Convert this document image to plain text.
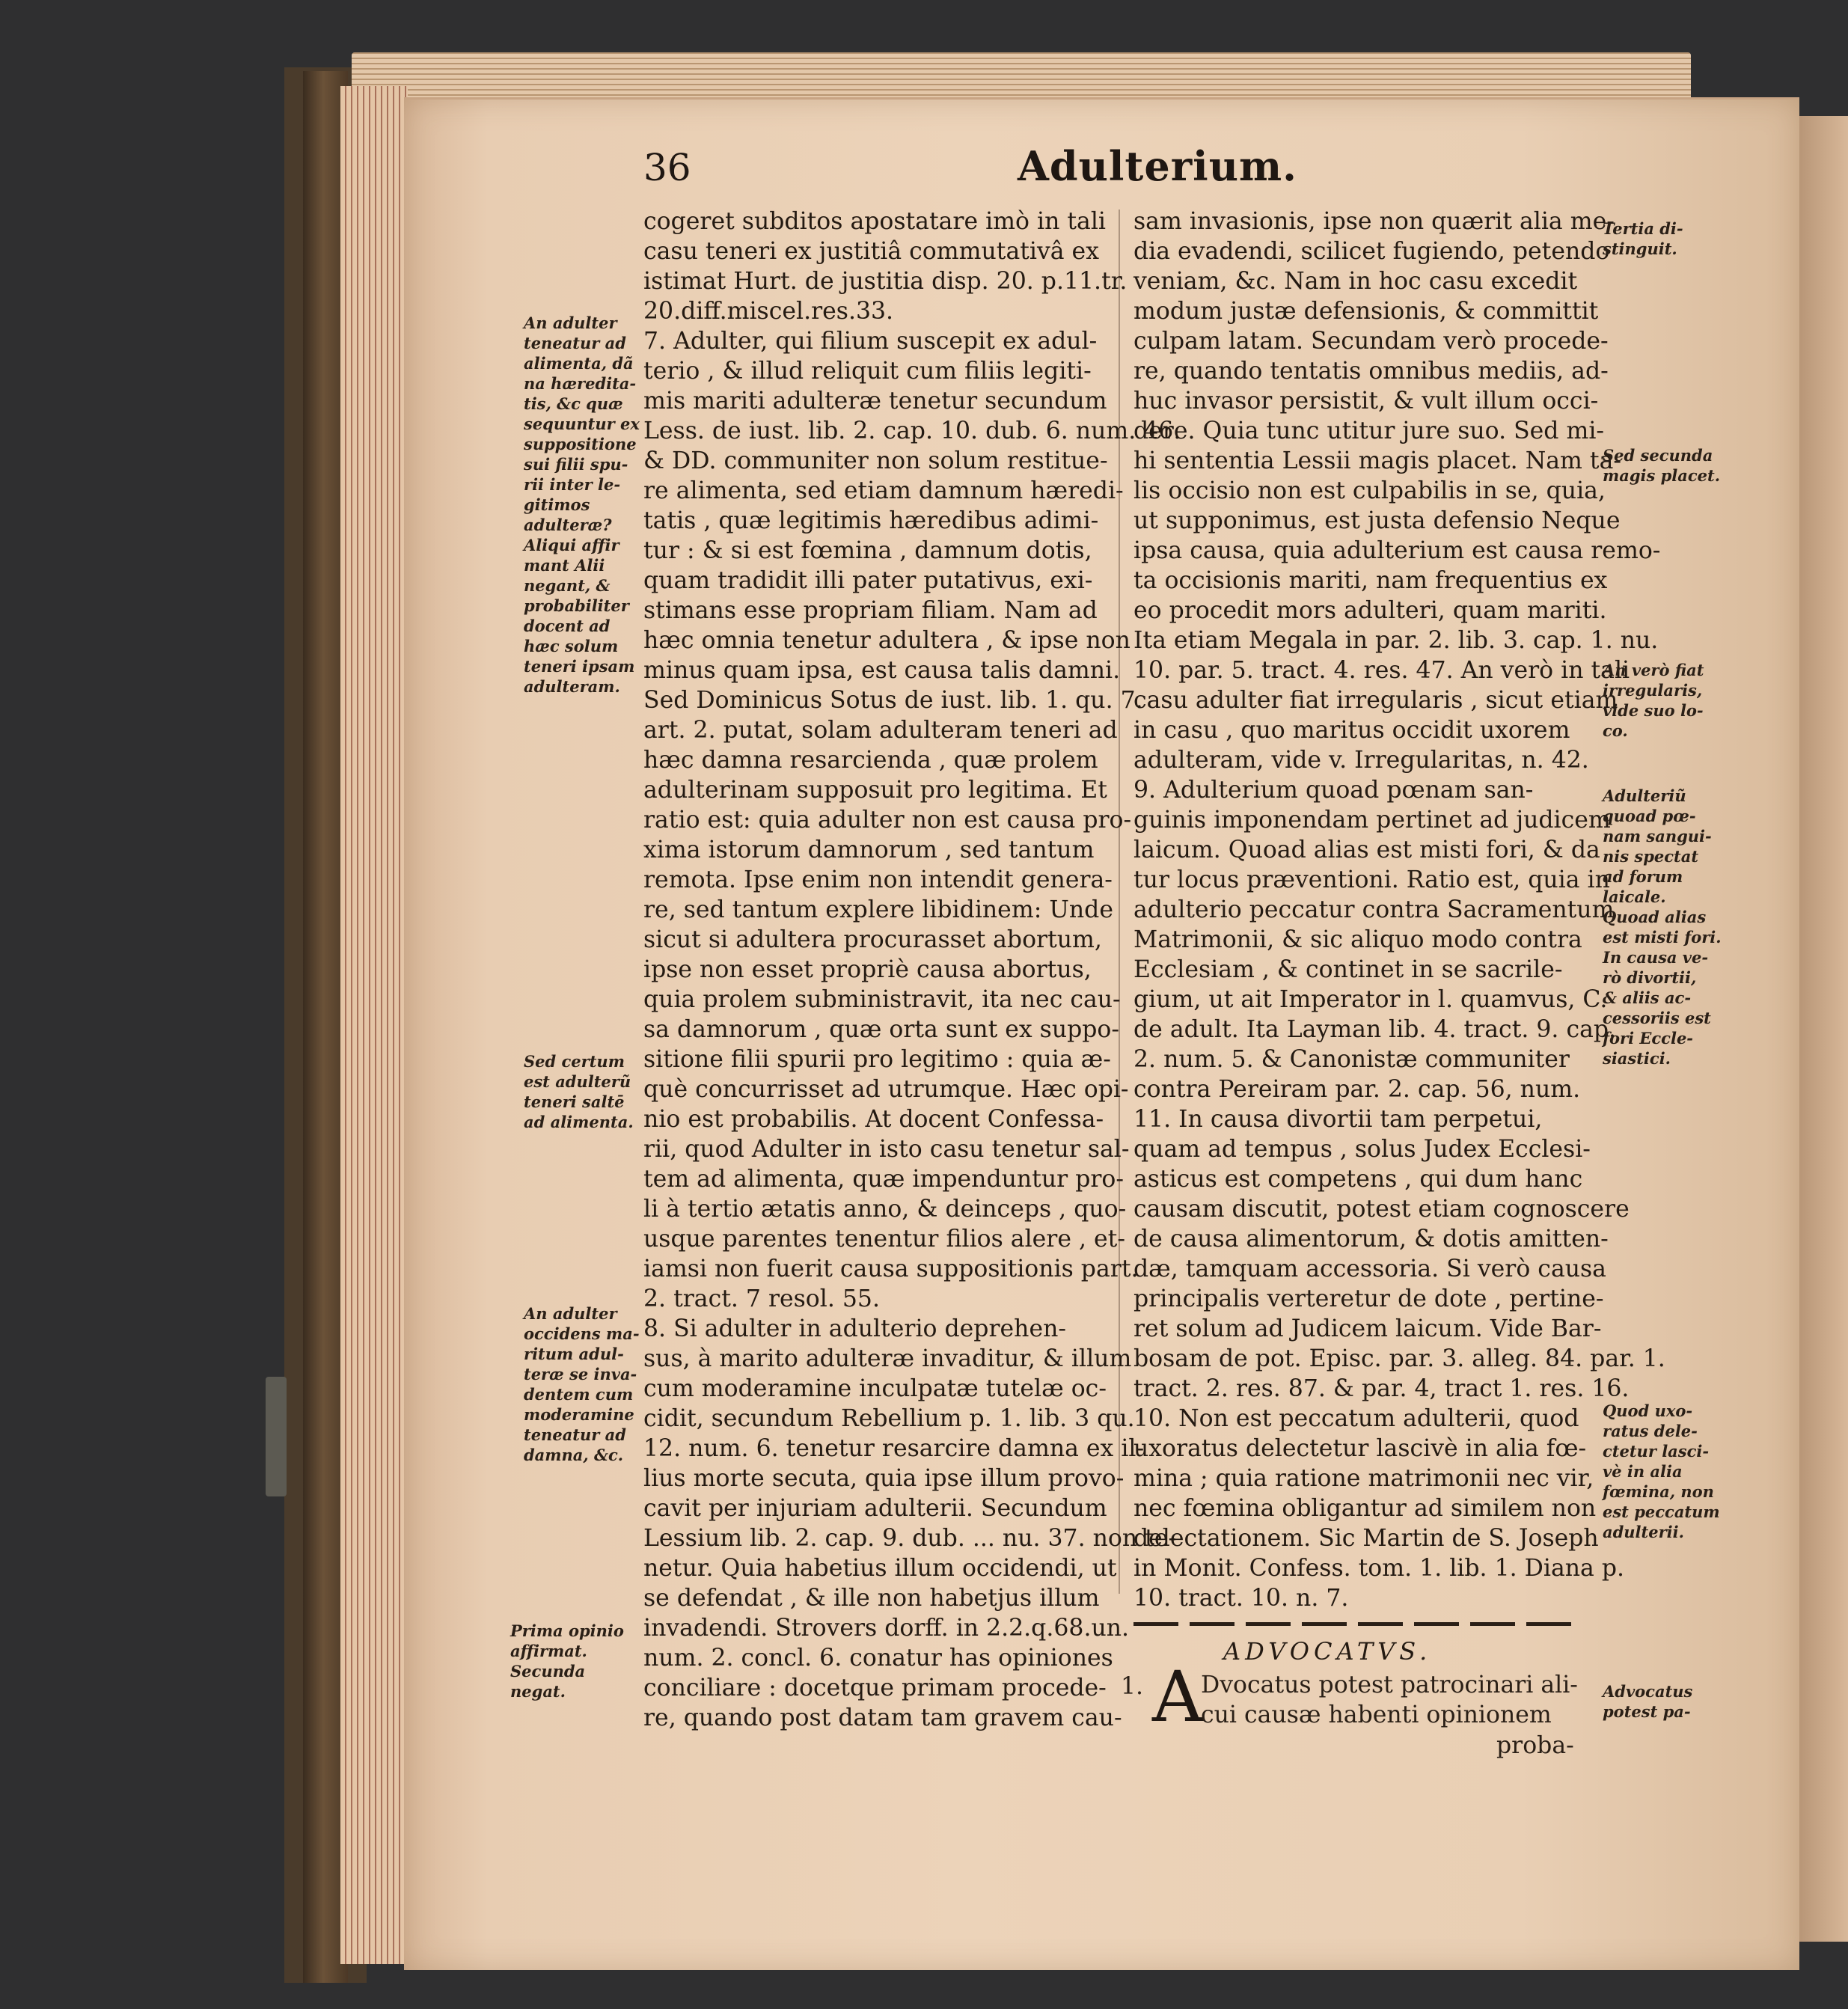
36	Adulterium.
cogeret subditos apostatare imò in tali
casu teneri ex justitiâ commutativâ ex
istimat Hurt. de justitia disp. 20. p.11.tr.
20.diff.miscel.res.33.
7. Adulter, qui filium suscepit ex adul-
terio , & illud reliquit cum filiis legiti-
mis mariti adulteræ tenetur secundum
Less. de iust. lib. 2. cap. 10. dub. 6. num. 46.
& DD. communiter non solum restitue-
re alimenta, sed etiam damnum hæredi-
tatis , quæ legitimis hæredibus adimi-
tur : & si est fœmina , damnum dotis,
quam tradidit illi pater putativus, exi-
stimans esse propriam filiam. Nam ad
hæc omnia tenetur adultera , & ipse non
minus quam ipsa, est causa talis damni.
Sed Dominicus Sotus de iust. lib. 1. qu. 7.
art. 2. putat, solam adulteram teneri ad
hæc damna resarcienda , quæ prolem
adulterinam supposuit pro legitima. Et
ratio est: quia adulter non est causa pro-
xima istorum damnorum , sed tantum
remota. Ipse enim non intendit genera-
re, sed tantum explere libidinem: Unde
sicut si adultera procurasset abortum,
ipse non esset propriè causa abortus,
quia prolem subministravit, ita nec cau-
sa damnorum , quæ orta sunt ex suppo-
sitione filii spurii pro legitimo : quia æ-
què concurrisset ad utrumque. Hæc opi-
nio est probabilis. At docent Confessa-
rii, quod Adulter in isto casu tenetur sal-
tem ad alimenta, quæ impenduntur pro-
li à tertio ætatis anno, & deinceps , quo-
usque parentes tenentur filios alere , et-
iamsi non fuerit causa suppositionis part.
2. tract. 7 resol. 55.
8. Si adulter in adulterio deprehen-
sus, à marito adulteræ invaditur, & illum
cum moderamine inculpatæ tutelæ oc-
cidit, secundum Rebellium p. 1. lib. 3 qu.
12. num. 6. tenetur resarcire damna ex il-
lius morte secuta, quia ipse illum provo-
cavit per injuriam adulterii. Secundum
Lessium lib. 2. cap. 9. dub. ... nu. 37. non te-
netur. Quia habetius illum occidendi, ut
se defendat , & ille non habetjus illum
invadendi. Strovers dorff. in 2.2.q.68.un.
num. 2. concl. 6. conatur has opiniones
conciliare : docetque primam procede-
re, quando post datam tam gravem cau-
sam invasionis, ipse non quærit alia me-
dia evadendi, scilicet fugiendo, petendo
veniam, &c. Nam in hoc casu excedit
modum justæ defensionis, & committit
culpam latam. Secundam verò procede-
re, quando tentatis omnibus mediis, ad-
huc invasor persistit, & vult illum occi-
dere. Quia tunc utitur jure suo. Sed mi-
hi sententia Lessii magis placet. Nam ta-
lis occisio non est culpabilis in se, quia,
ut supponimus, est justa defensio Neque
ipsa causa, quia adulterium est causa remo-
ta occisionis mariti, nam frequentius ex
eo procedit mors adulteri, quam mariti.
Ita etiam Megala in par. 2. lib. 3. cap. 1. nu.
10. par. 5. tract. 4. res. 47. An verò in tali
casu adulter fiat irregularis , sicut etiam
in casu , quo maritus occidit uxorem
adulteram, vide v. Irregularitas, n. 42.
9. Adulterium quoad pœnam san-
guinis imponendam pertinet ad judicem
laicum. Quoad alias est misti fori, & da
tur locus præventioni. Ratio est, quia in
adulterio peccatur contra Sacramentum
Matrimonii, & sic aliquo modo contra
Ecclesiam , & continet in se sacrile-
gium, ut ait Imperator in l. quamvus, C.
de adult. Ita Layman lib. 4. tract. 9. cap.
2. num. 5. & Canonistæ communiter
contra Pereiram par. 2. cap. 56, num.
11. In causa divortii tam perpetui,
quam ad tempus , solus Judex Ecclesi-
asticus est competens , qui dum hanc
causam discutit, potest etiam cognoscere
de causa alimentorum, & dotis amitten-
dæ, tamquam accessoria. Si verò causa
principalis verteretur de dote , pertine-
ret solum ad Judicem laicum. Vide Bar-
bosam de pot. Episc. par. 3. alleg. 84. par. 1.
tract. 2. res. 87. & par. 4, tract 1. res. 16.
10. Non est peccatum adulterii, quod
uxoratus delectetur lascivè in alia fœ-
mina ; quia ratione matrimonii nec vir,
nec fœmina obligantur ad similem non
delectationem. Sic Martin de S. Joseph
in Monit. Confess. tom. 1. lib. 1. Diana p.
10. tract. 10. n. 7.
An adulter
teneatur ad
alimenta, dã
na hæredita-
tis, &c quæ
sequuntur ex
suppositione
sui filii spu-
rii inter le-
gitimos
adulteræ?
Aliqui affir
mant Alii
negant, &
probabiliter
docent ad
hæc solum
teneri ipsam
adulteram.
Sed certum
est adulterũ
teneri saltē
ad alimenta.
An adulter
occidens ma-
ritum adul-
teræ se inva-
dentem cum
moderamine
teneatur ad
damna, &c.
Prima opinio
affirmat.
Secunda
negat.
Tertia di-
stinguit.
Sed secunda
magis placet.
An verò fiat
irregularis,
vide suo lo-
co.
Adulteriũ
quoad pœ-
nam sangui-
nis spectat
ad forum
laicale.
Quoad alias
est misti fori.
In causa ve-
rò divortii,
& aliis ac-
cessoriis est
fori Eccle-
siastici.
Quod uxo-
ratus dele-
ctetur lasci-
vè in alia
fœmina, non
est peccatum
adulterii.
Advocatus
potest pa-
ADVOCATVS.
1. A
Dvocatus potest patrocinari ali-
cui causæ habenti opinionem
proba-
